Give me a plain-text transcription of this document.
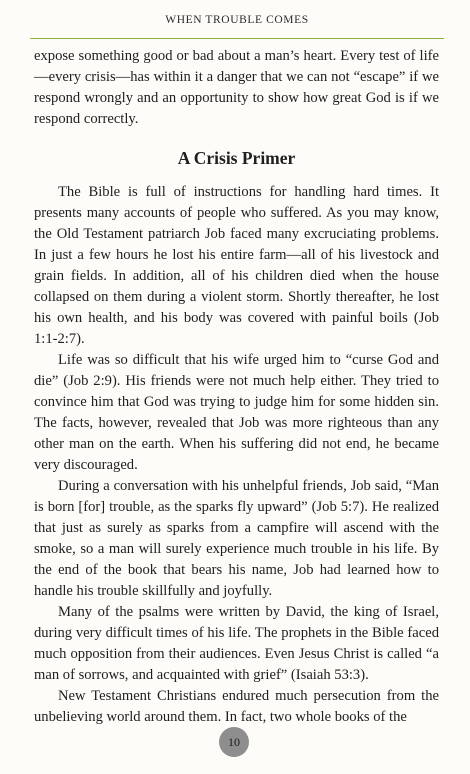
WHEN TROUBLE COMES

expose something good or bad about a man’s heart. Every test of life —every crisis—has within it a danger that we can not “escape” if we respond wrongly and an opportunity to show how great God is if we respond correctly.

A Crisis Primer

The Bible is full of instructions for handling hard times. It presents many accounts of people who suffered. As you may know, the Old Testament patriarch Job faced many excruciating problems. In just a few hours he lost his entire farm—all of his livestock and grain fields. In addition, all of his children died when the house collapsed on them during a violent storm. Shortly thereafter, he lost his own health, and his body was covered with painful boils (Job 1:1-2:7).

Life was so difficult that his wife urged him to “curse God and die” (Job 2:9). His friends were not much help either. They tried to convince him that God was trying to judge him for some hidden sin. The facts, however, revealed that Job was more righteous than any other man on the earth. When his suffering did not end, he became very discouraged.

During a conversation with his unhelpful friends, Job said, “Man is born [for] trouble, as the sparks fly upward” (Job 5:7). He realized that just as surely as sparks from a campfire will ascend with the smoke, so a man will surely experience much trouble in his life. By the end of the book that bears his name, Job had learned how to handle his trouble skillfully and joyfully.

Many of the psalms were written by David, the king of Israel, during very difficult times of his life. The prophets in the Bible faced much opposition from their audiences. Even Jesus Christ is called “a man of sorrows, and acquainted with grief” (Isaiah 53:3).

New Testament Christians endured much persecution from the unbelieving world around them. In fact, two whole books of the

10
